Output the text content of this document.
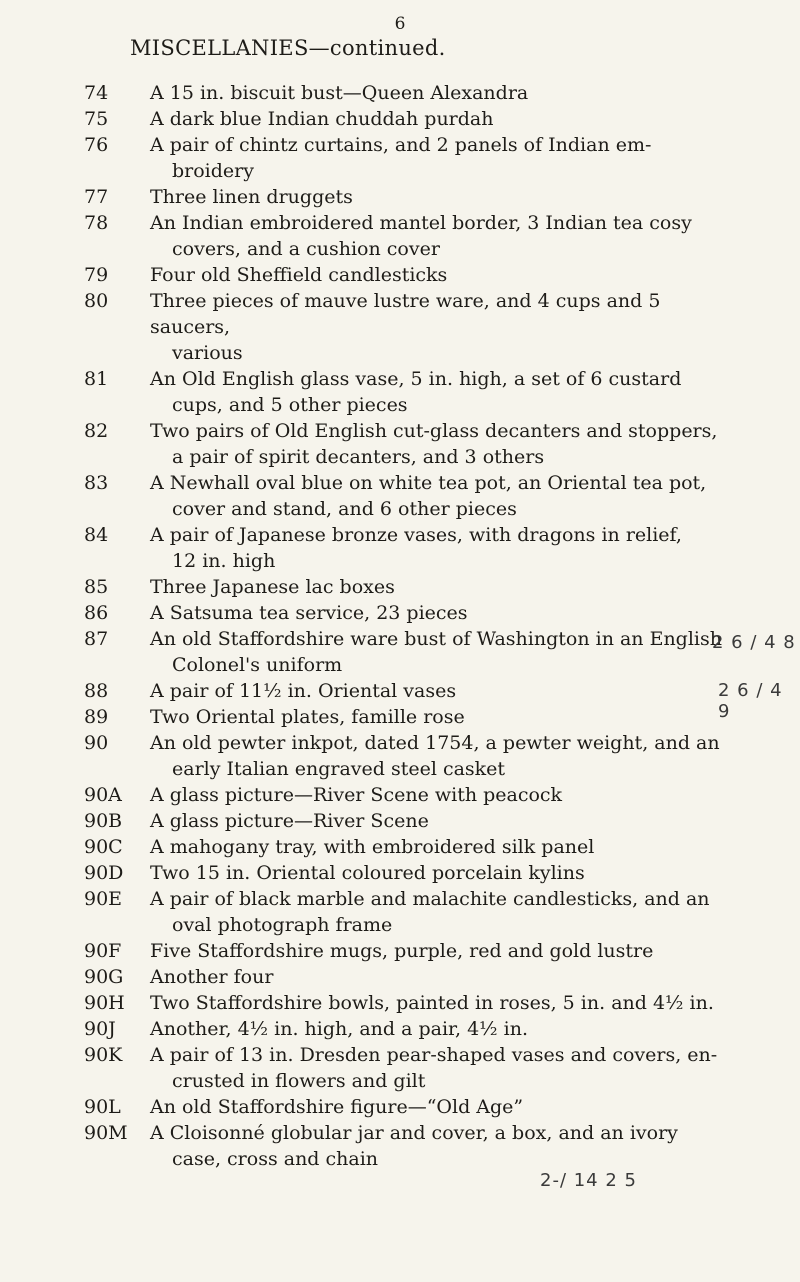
6
MISCELLANIES—continued.
74	A 15 in. biscuit bust—Queen Alexandra
75	A dark blue Indian chuddah purdah
76	A pair of chintz curtains, and 2 panels of Indian em-
broidery
77	Three linen druggets
78	An Indian embroidered mantel border, 3 Indian tea cosy
covers, and a cushion cover
79	Four old Sheffield candlesticks
80	Three pieces of mauve lustre ware, and 4 cups and 5 saucers,
various
81	An Old English glass vase, 5 in. high, a set of 6 custard
cups, and 5 other pieces
82	Two pairs of Old English cut-glass decanters and stoppers,
a pair of spirit decanters, and 3 others
83	A Newhall oval blue on white tea pot, an Oriental tea pot,
cover and stand, and 6 other pieces
84	A pair of Japanese bronze vases, with dragons in relief,
12 in. high
85	Three Japanese lac boxes
86	A Satsuma tea service, 23 pieces
87	An old Staffordshire ware bust of Washington in an English
Colonel's uniform
88	A pair of 11½ in. Oriental vases
89	Two Oriental plates, famille rose
90	An old pewter inkpot, dated 1754, a pewter weight, and an
early Italian engraved steel casket
90A	A glass picture—River Scene with peacock
90B	A glass picture—River Scene
90C	A mahogany tray, with embroidered silk panel
90D	Two 15 in. Oriental coloured porcelain kylins
90E	A pair of black marble and malachite candlesticks, and an
oval photograph frame
90F	Five Staffordshire mugs, purple, red and gold lustre
90G	Another four
90H	Two Staffordshire bowls, painted in roses, 5 in. and 4½ in.
90J	Another, 4½ in. high, and a pair, 4½ in.
90K	A pair of 13 in. Dresden pear-shaped vases and covers, en-
crusted in flowers and gilt
90L	An old Staffordshire figure—“Old Age”
90M	A Cloisonné globular jar and cover, a box, and an ivory
case, cross and chain
2 6 / 4 8
2 6 / 4 9
2-/ 14 2 5
